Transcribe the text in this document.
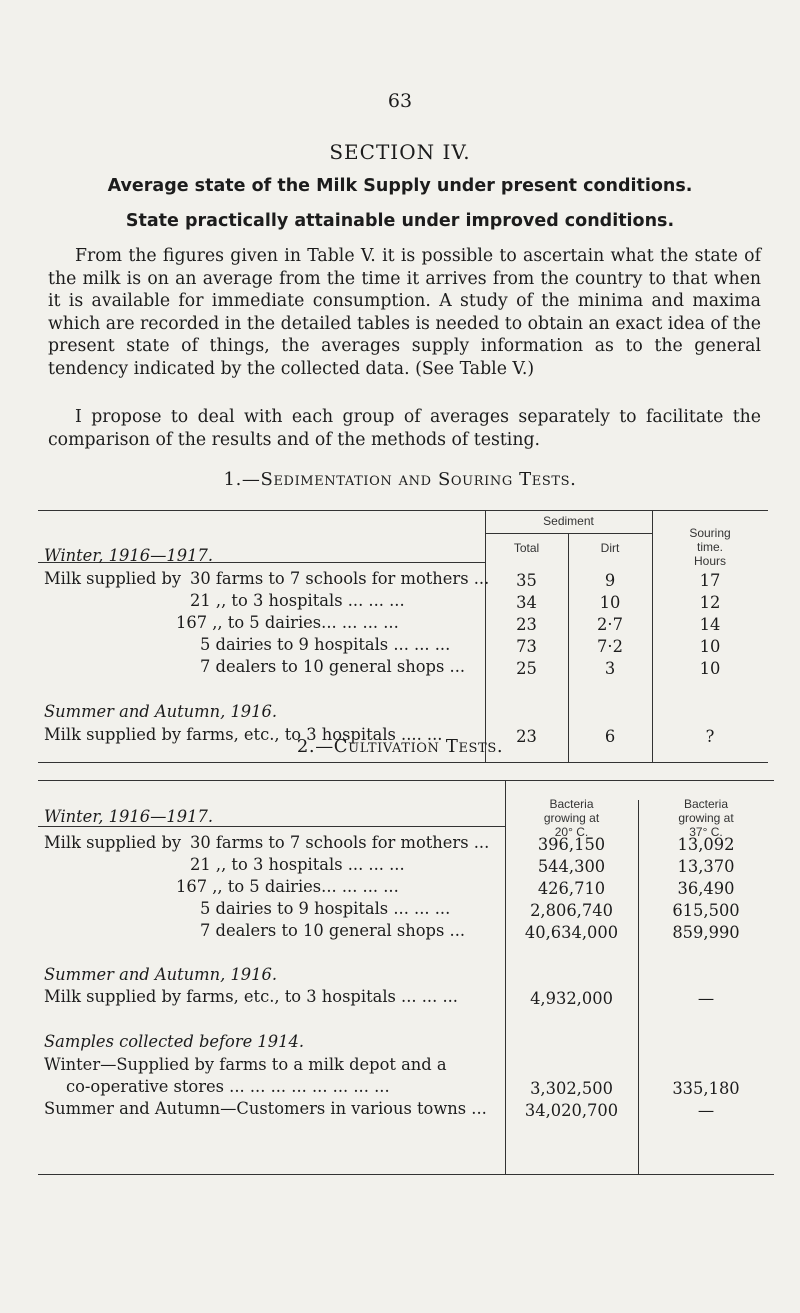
63
SECTION IV.
Average state of the Milk Supply under present conditions.
State practically attainable under improved conditions.

From the figures given in Table V. it is possible to ascertain what the state of the milk is on an average from the time it arrives from the country to that when it is available for immediate consumption. A study of the minima and maxima which are recorded in the detailed tables is needed to obtain an exact idea of the present state of things, the averages supply information as to the general tendency indicated by the collected data. (See Table V.)

I propose to deal with each group of averages separately to facilitate the comparison of the results and of the methods of testing.

1.—Sedimentation and Souring Tests.
Sediment
Total	Dirt
Souring
time.
Hours
Winter, 1916—1917.
Milk supplied by 30 farms to 7 schools for mothers ...	35	9	17
21 ,, to 3 hospitals ... ... ...	34	10	12
167 ,, to 5 dairies... ... ... ...	23	2·7	14
5 dairies to 9 hospitals ... ... ...	73	7·2	10
7 dealers to 10 general shops ...	25	3	10
Summer and Autumn, 1916.
Milk supplied by farms, etc., to 3 hospitals .... ...	23	6	?
2.—Cultivation Tests.
Bacteria
growing at
20° C.
Bacteria
growing at
37° C.
Winter, 1916—1917.
Milk supplied by 30 farms to 7 schools for mothers ...	396,150	13,092
21 ,, to 3 hospitals ... ... ...	544,300	13,370
167 ,, to 5 dairies... ... ... ...	426,710	36,490
5 dairies to 9 hospitals ... ... ...	2,806,740	615,500
7 dealers to 10 general shops ...	40,634,000	859,990
Summer and Autumn, 1916.
Milk supplied by farms, etc., to 3 hospitals ... ... ...	4,932,000	—
Samples collected before 1914.
Winter—Supplied by farms to a milk depot and a
co-operative stores ... ... ... ... ... ... ... ...	3,302,500	335,180
Summer and Autumn—Customers in various towns ...	34,020,700	—
